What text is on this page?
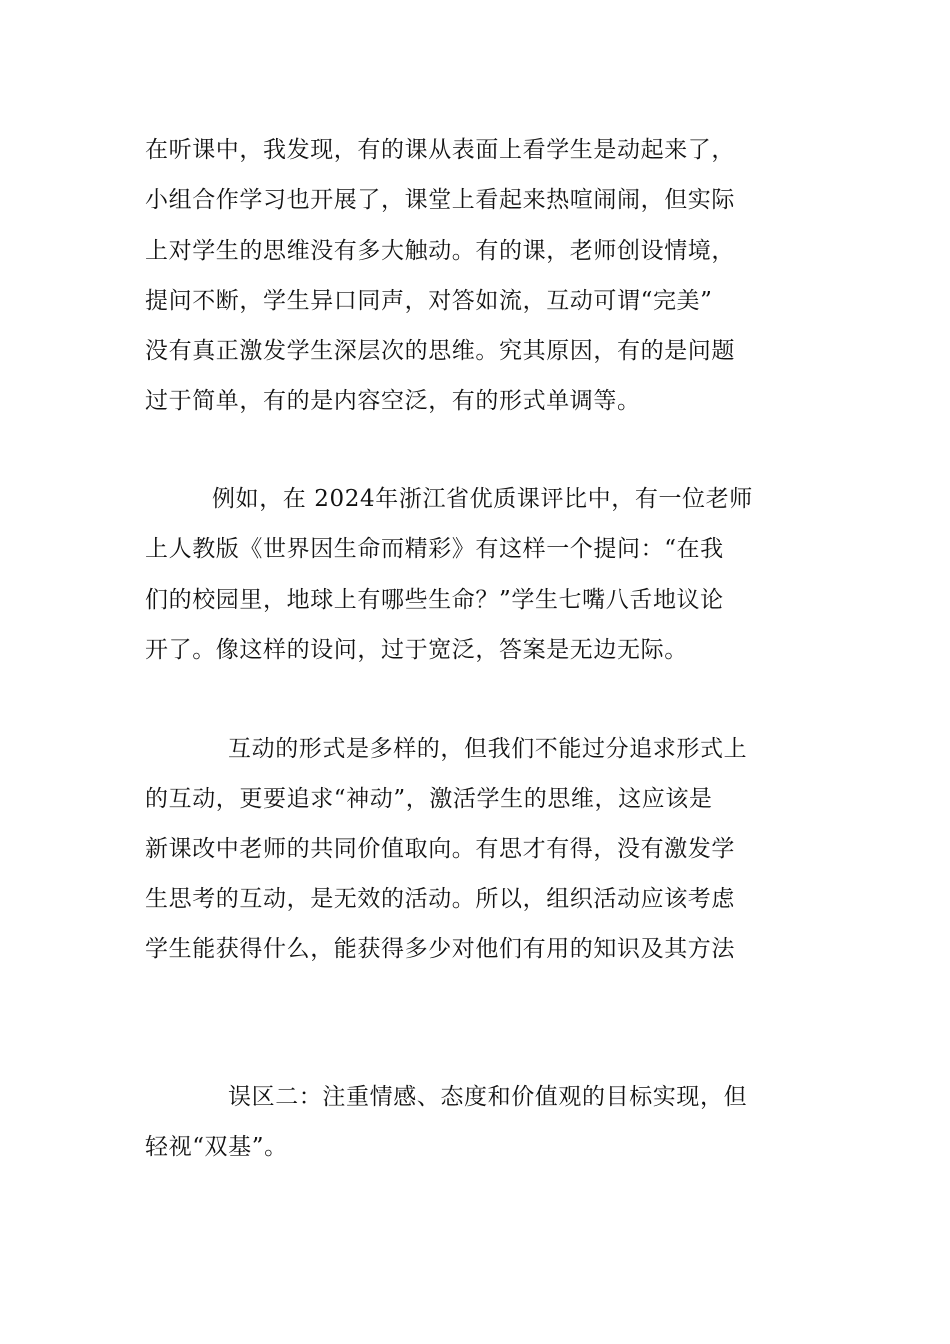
在听课中，我发现，有的课从表面上看学生是动起来了，
小组合作学习也开展了，课堂上看起来热喧闹闹，但实际
上对学生的思维没有多大触动。有的课，老师创设情境，
提问不断，学生异口同声，对答如流，互动可谓“完美”
没有真正激发学生深层次的思维。究其原因，有的是问题
过于简单，有的是内容空泛，有的形式单调等。
例如，在 2024年浙江省优质课评比中，有一位老师
上人教版《世界因生命而精彩》有这样一个提问：“在我
们的校园里，地球上有哪些生命？”学生七嘴八舌地议论
开了。像这样的设问，过于宽泛，答案是无边无际。
互动的形式是多样的，但我们不能过分追求形式上
的互动，更要追求“神动”，激活学生的思维，这应该是
新课改中老师的共同价值取向。有思才有得，没有激发学
生思考的互动，是无效的活动。所以，组织活动应该考虑
学生能获得什么，能获得多少对他们有用的知识及其方法
误区二：注重情感、态度和价值观的目标实现，但
轻视“双基”。
